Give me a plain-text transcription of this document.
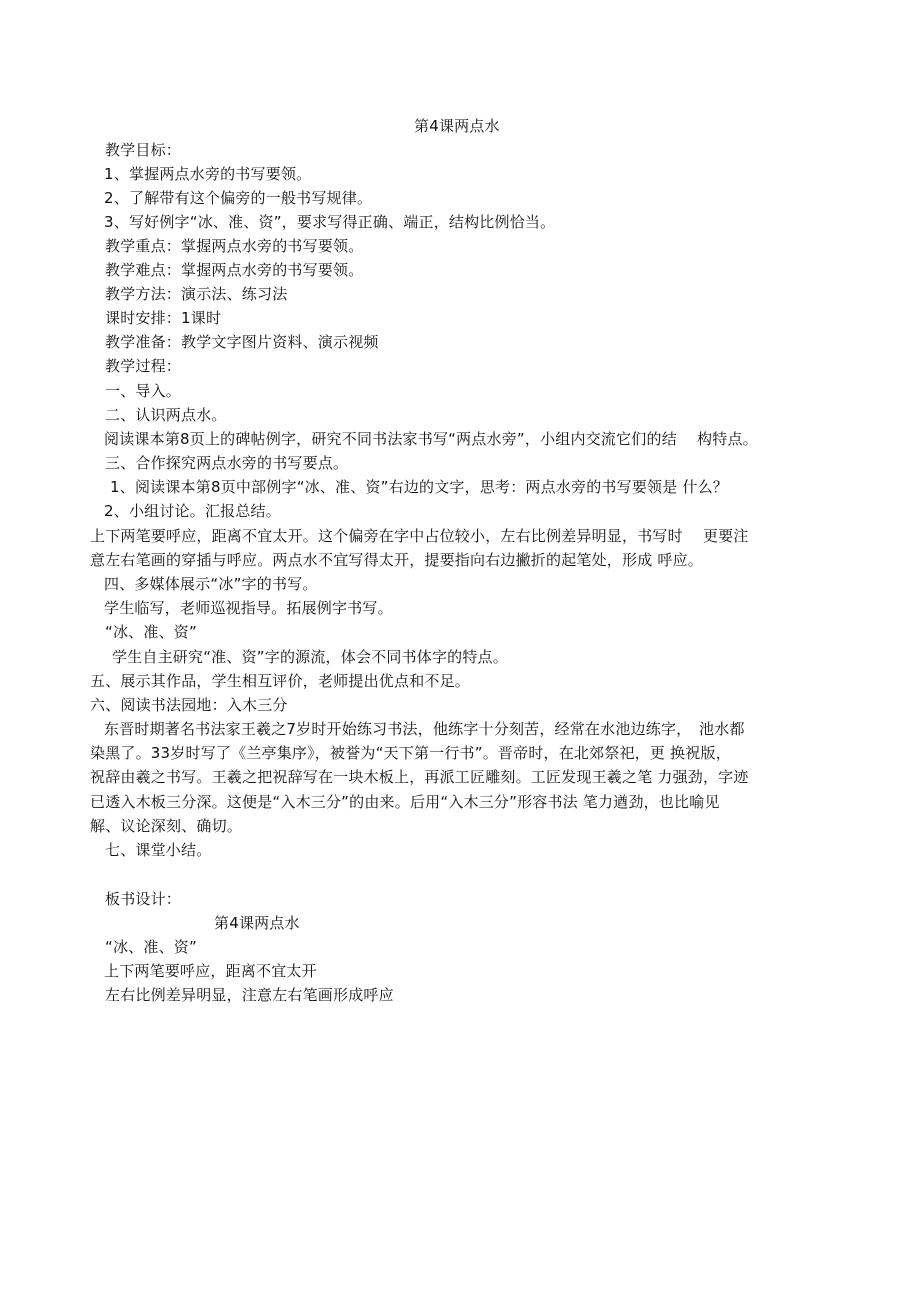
第4课两点水
教学目标：
1、掌握两点水旁的书写要领。
2、了解带有这个偏旁的一般书写规律。
3、写好例字“冰、准、资”，要求写得正确、端正，结构比例恰当。
教学重点：掌握两点水旁的书写要领。
教学难点：掌握两点水旁的书写要领。
教学方法：演示法、练习法
课时安排：1课时
教学准备：教学文字图片资料、演示视频
教学过程：
一、导入。
二、认识两点水。
阅读课本第8页上的碑帖例字，研究不同书法家书写“两点水旁”，小组内交流它们的结　 构特点。
三、合作探究两点水旁的书写要点。
1、阅读课本第8页中部例字“冰、准、资”右边的文字，思考：两点水旁的书写要领是 什么？
2、小组讨论。汇报总结。
上下两笔要呼应，距离不宜太开。这个偏旁在字中占位较小，左右比例差异明显，书写时　 更要注
意左右笔画的穿插与呼应。两点水不宜写得太开，提要指向右边撇折的起笔处，形成 呼应。
四、多媒体展示“冰”字的书写。
学生临写，老师巡视指导。拓展例字书写。
“冰、准、资”
学生自主研究“准、资”字的源流，体会不同书体字的特点。
五、展示其作品，学生相互评价，老师提出优点和不足。
六、阅读书法园地：入木三分
东晋时期著名书法家王羲之7岁时开始练习书法，他练字十分刻苦，经常在水池边练字，　池水都
染黑了。33岁时写了《兰亭集序》，被誉为“天下第一行书”。晋帝时，在北郊祭祀，更 换祝版，
祝辞由羲之书写。王羲之把祝辞写在一块木板上，再派工匠雕刻。工匠发现王羲之笔 力强劲，字迹
已透入木板三分深。这便是“入木三分”的由来。后用“入木三分”形容书法 笔力遒劲，也比喻见
解、议论深刻、确切。
七、课堂小结。
板书设计：
第4课两点水
“冰、准、资”
上下两笔要呼应，距离不宜太开
左右比例差异明显，注意左右笔画形成呼应
